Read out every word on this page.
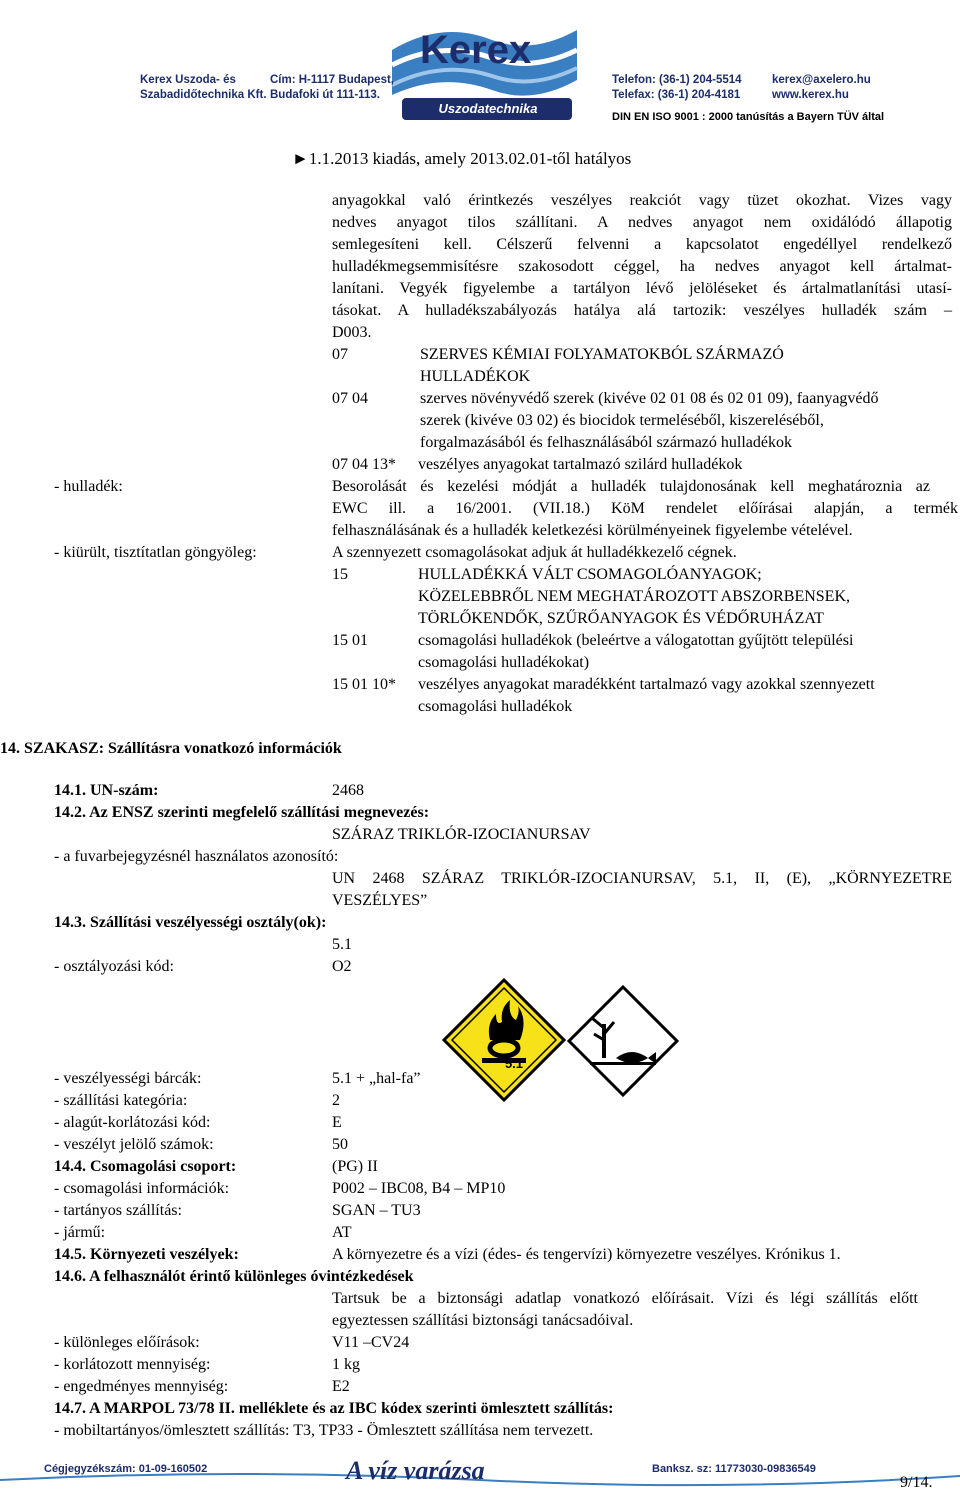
Kerex
Uszodatechnika
Kerex Uszoda- és
Szabadidőtechnika Kft.
Cím: H-1117 Budapest,
Budafoki út 111-113.
Telefon: (36-1) 204-5514
Telefax: (36-1) 204-4181
kerex@axelero.hu
www.kerex.hu
DIN EN ISO 9001 : 2000 tanúsítás a Bayern TÜV által
►1.1.2013 kiadás, amely 2013.02.01-től hatályos
anyagokkal való érintkezés veszélyes reakciót vagy tüzet okozhat. Vizes vagy
nedves anyagot tilos szállítani. A nedves anyagot nem oxidálódó állapotig
semlegesíteni kell. Célszerű felvenni a kapcsolatot engedéllyel rendelkező
hulladékmegsemmisítésre szakosodott céggel, ha nedves anyagot kell ártalmat-
lanítani. Vegyék figyelembe a tartályon lévő jelöléseket és ártalmatlanítási utasí-
tásokat. A hulladékszabályozás hatálya alá tartozik: veszélyes hulladék szám –
D003.
07	SZERVES KÉMIAI FOLYAMATOKBÓL SZÁRMAZÓ
HULLADÉKOK
07 04	szerves növényvédő szerek (kivéve 02 01 08 és 02 01 09), faanyagvédő
szerek (kivéve 03 02) és biocidok termeléséből, kiszereléséből,
forgalmazásából és felhasználásából származó hulladékok
07 04 13* veszélyes anyagokat tartalmazó szilárd hulladékok
- hulladék:	Besorolását és kezelési módját a hulladék tulajdonosának kell meghatároznia az
EWC ill. a 16/2001. (VII.18.) KöM rendelet előírásai alapján, a termék
felhasználásának és a hulladék keletkezési körülményeinek figyelembe vételével.
- kiürült, tisztítatlan göngyöleg:	A szennyezett csomagolásokat adjuk át hulladékkezelő cégnek.
15	HULLADÉKKÁ VÁLT CSOMAGOLÓANYAGOK;
KÖZELEBBRŐL NEM MEGHATÁROZOTT ABSZORBENSEK,
TÖRLŐKENDŐK, SZŰRŐANYAGOK ÉS VÉDŐRUHÁZAT
15 01	csomagolási hulladékok (beleértve a válogatottan gyűjtött települési
csomagolási hulladékokat)
15 01 10* veszélyes anyagokat maradékként tartalmazó vagy azokkal szennyezett
csomagolási hulladékok
14. SZAKASZ: Szállításra vonatkozó információk
14.1. UN-szám:	2468
14.2. Az ENSZ szerinti megfelelő szállítási megnevezés:
SZÁRAZ TRIKLÓR-IZOCIANURSAV
- a fuvarbejegyzésnél használatos azonosító:
UN 2468 SZÁRAZ TRIKLÓR-IZOCIANURSAV, 5.1, II, (E), „KÖRNYEZETRE
VESZÉLYES”
14.3. Szállítási veszélyességi osztály(ok):
5.1
- osztályozási kód:	O2
5.1
- veszélyességi bárcák:	5.1 + „hal-fa”
- szállítási kategória:	2
- alagút-korlátozási kód:	E
- veszélyt jelölő számok:	50
14.4. Csomagolási csoport:	(PG) II
- csomagolási információk:	P002 – IBC08, B4 – MP10
- tartányos szállítás:	SGAN – TU3
- jármű:	AT
14.5. Környezeti veszélyek:	A környezetre és a vízi (édes- és tengervízi) környezetre veszélyes. Krónikus 1.
14.6. A felhasználót érintő különleges óvintézkedések
Tartsuk be a biztonsági adatlap vonatkozó előírásait. Vízi és légi szállítás előtt
egyeztessen szállítási biztonsági tanácsadóival.
- különleges előírások:	V11 –CV24
- korlátozott mennyiség:	1 kg
- engedményes mennyiség:	E2
14.7. A MARPOL 73/78 II. melléklete és az IBC kódex szerinti ömlesztett szállítás:
- mobiltartányos/ömlesztett szállítás: T3, TP33 - Ömlesztett szállítása nem tervezett.
Cégjegyzékszám: 01-09-160502	A víz varázsa	Banksz. sz: 11773030-09836549
9/14.
